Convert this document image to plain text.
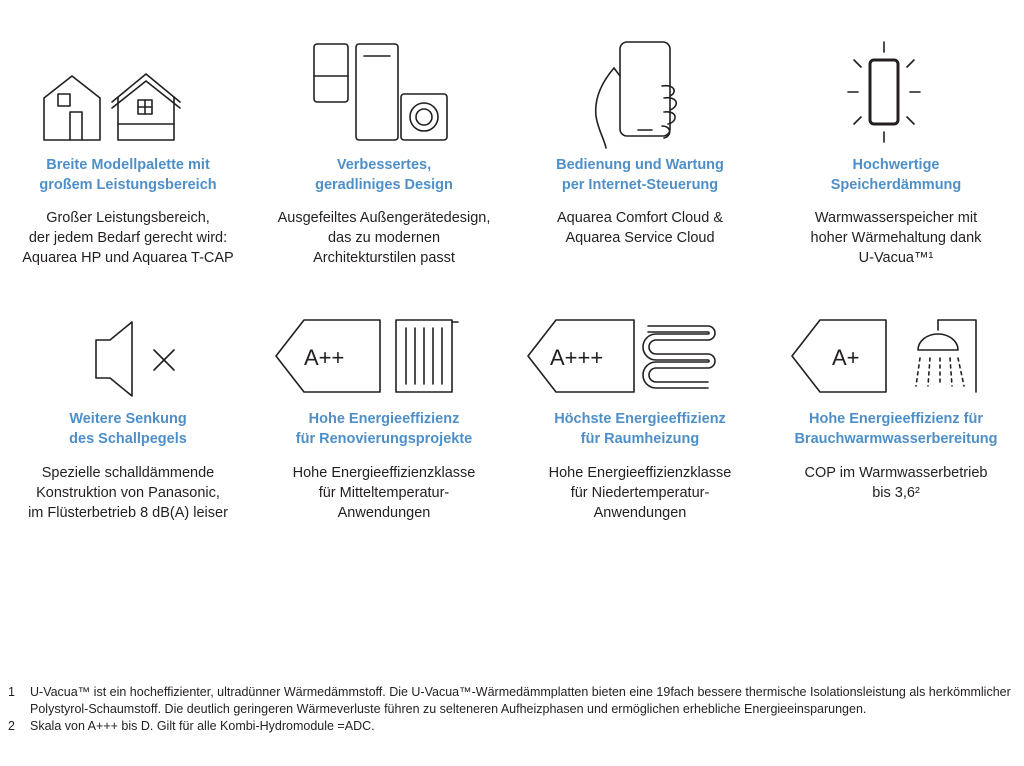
Breite Modellpalette mit
großem Leistungsbereich
Großer Leistungsbereich,
der jedem Bedarf gerecht wird:
Aquarea HP und Aquarea T-CAP
Verbessertes,
geradliniges Design
Ausgefeiltes Außengerätedesign,
das zu modernen
Architekturstilen passt
Bedienung und Wartung
per Internet-Steuerung
Aquarea Comfort Cloud &
Aquarea Service Cloud
Hochwertige
Speicherdämmung
Warmwasserspeicher mit
hoher Wärmehaltung dank
U-Vacua™¹
Weitere Senkung
des Schallpegels
Spezielle schalldämmende
Konstruktion von Panasonic,
im Flüsterbetrieb 8 dB(A) leiser
A++
Hohe Energieeffizienz
für Renovierungsprojekte
Hohe Energieeffizienzklasse
für Mitteltemperatur-
Anwendungen
A+++
Höchste Energieeffizienz
für Raumheizung
Hohe Energieeffizienzklasse
für Niedertemperatur-
Anwendungen
A+
Hohe Energieeffizienz für
Brauchwarmwasserbereitung
COP im Warmwasserbetrieb
bis 3,6²
1	U-Vacua™ ist ein hocheffizienter, ultradünner Wärmedämmstoff. Die U-Vacua™-Wärmedämmplatten bieten eine 19fach bessere thermische Isolationsleistung als herkömmlicher Polystyrol-Schaumstoff. Die deutlich geringeren Wärmeverluste führen zu selteneren Aufheizphasen und ermöglichen erhebliche Energieeinsparungen.
2	Skala von A+++ bis D. Gilt für alle Kombi-Hydromodule =ADC.
